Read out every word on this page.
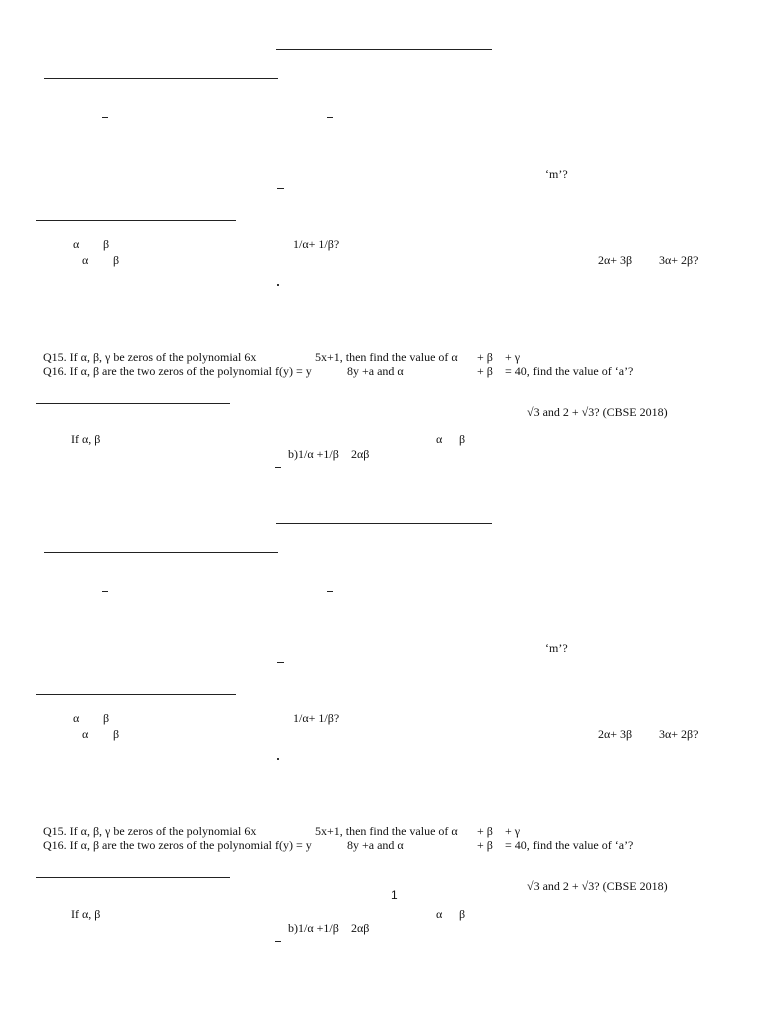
‘m’?
α β	1/α+ 1/β?
α β	2α+ 3β 3α+ 2β?
Q15. If α, β, γ be zeros of the polynomial 6x	5x+1, then find the value of α + β + γ
Q16. If α, β are the two zeros of the polynomial f(y) = y	8y +a and α	+ β = 40, find the value of ‘a’?
√3 and 2 + √3? (CBSE 2018)
If α, β	α β
b)1/α +1/β 2αβ
‘m’?
α β	1/α+ 1/β?
α β	2α+ 3β 3α+ 2β?
Q15. If α, β, γ be zeros of the polynomial 6x	5x+1, then find the value of α + β + γ
Q16. If α, β are the two zeros of the polynomial f(y) = y	8y +a and α	+ β = 40, find the value of ‘a’?
√3 and 2 + √3? (CBSE 2018)
1
If α, β	α β
b)1/α +1/β 2αβ
